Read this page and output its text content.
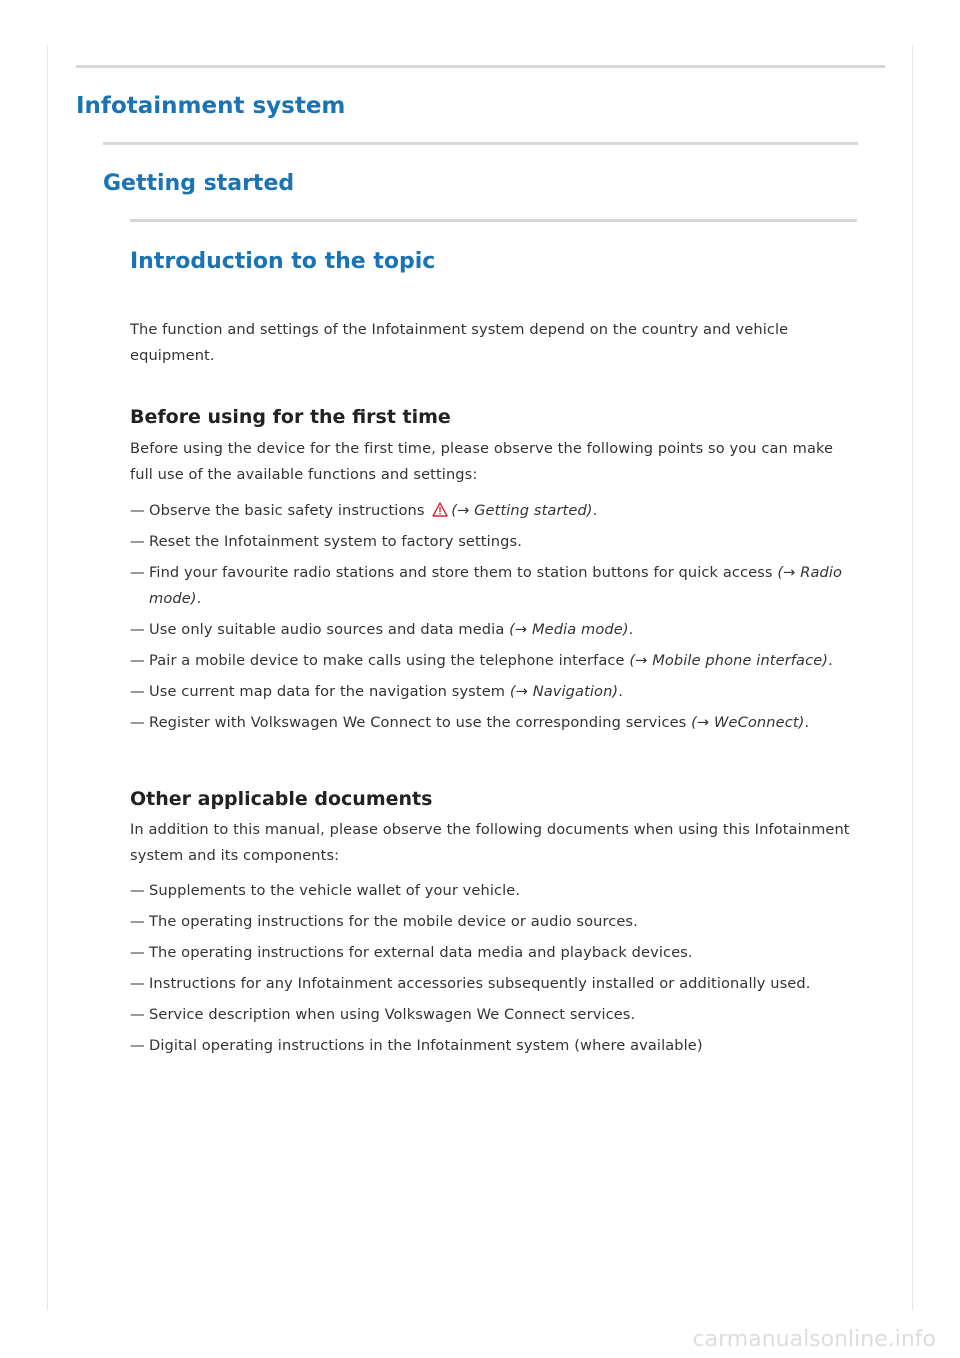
Infotainment system
Getting started
Introduction to the topic

The function and settings of the Infotainment system depend on the country and vehicle equipment.

Before using for the first time

Before using the device for the first time, please observe the following points so you can make full use of the available functions and settings:

— Observe the basic safety instructions (→ Getting started).
— Reset the Infotainment system to factory settings.
— Find your favourite radio stations and store them to station buttons for quick access (→ Radio mode).
— Use only suitable audio sources and data media (→ Media mode).
— Pair a mobile device to make calls using the telephone interface (→ Mobile phone interface).
— Use current map data for the navigation system (→ Navigation).
— Register with Volkswagen We Connect to use the corresponding services (→ WeConnect).
Other applicable documents

In addition to this manual, please observe the following documents when using this Infotainment system and its components:

— Supplements to the vehicle wallet of your vehicle.
— The operating instructions for the mobile device or audio sources.
— The operating instructions for external data media and playback devices.
— Instructions for any Infotainment accessories subsequently installed or additionally used.
— Service description when using Volkswagen We Connect services.
— Digital operating instructions in the Infotainment system (where available)
carmanualsonline.info
